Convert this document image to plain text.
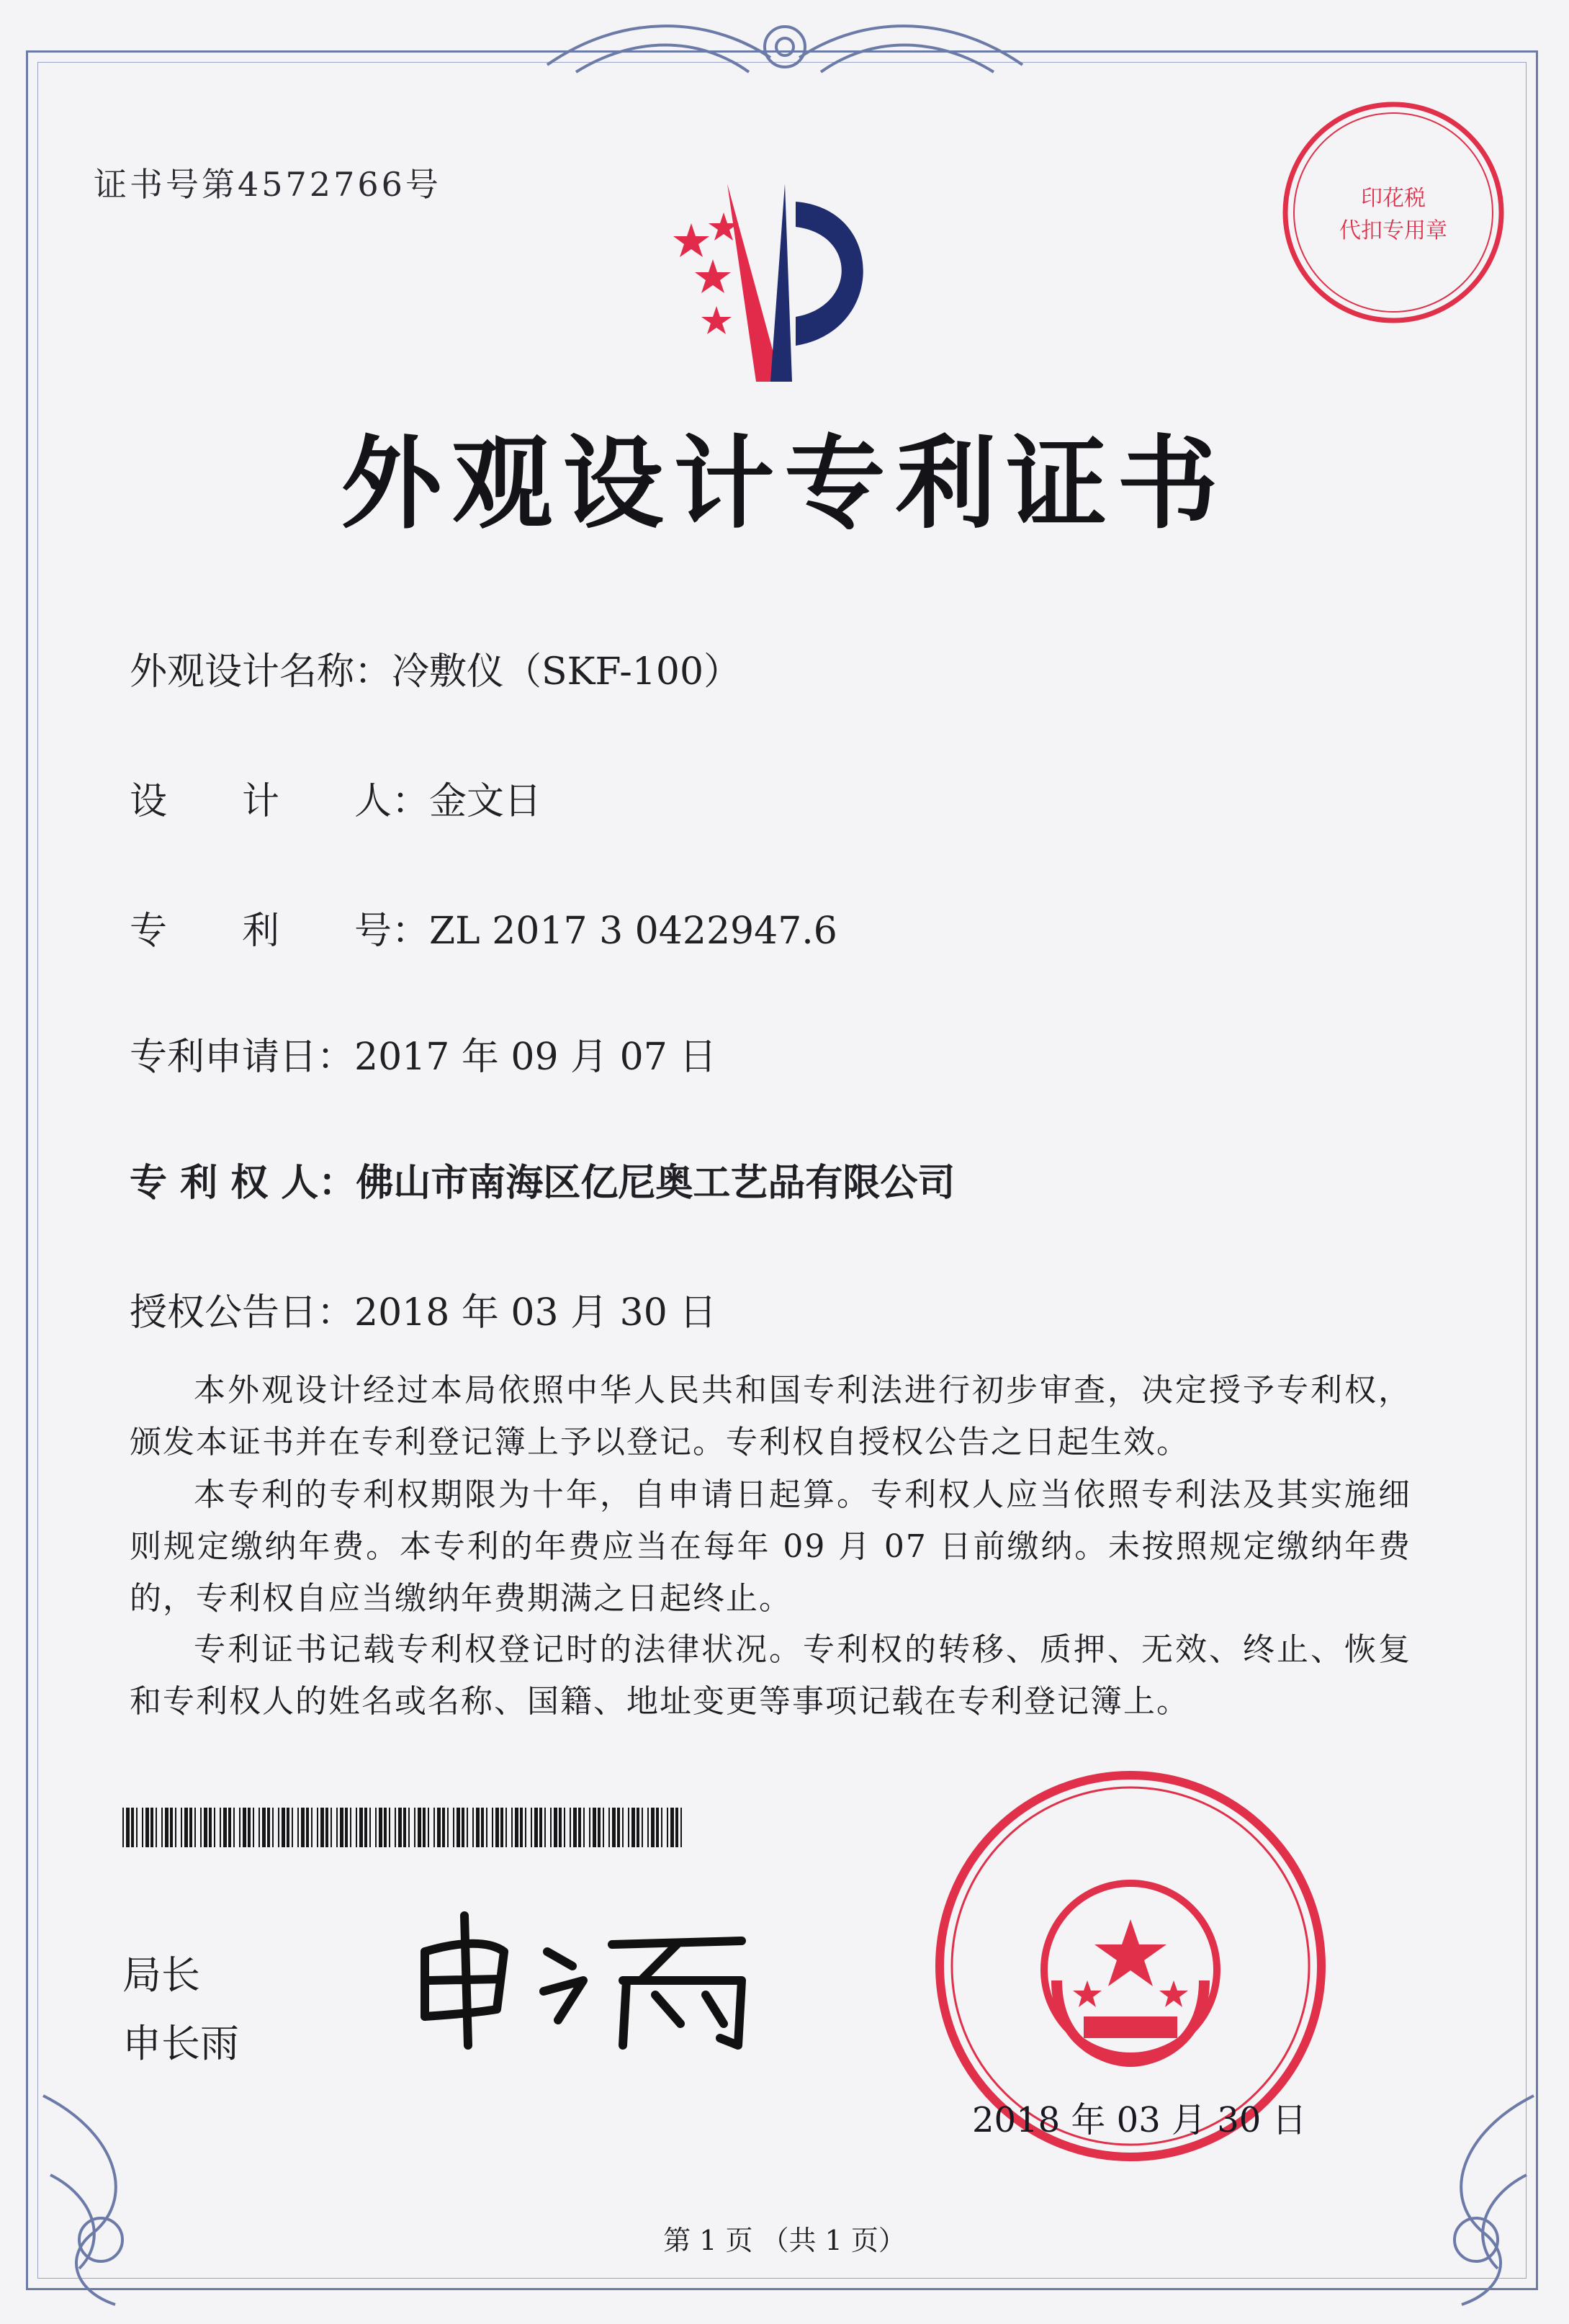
证书号第4572766号
外观设计专利证书
外观设计名称：冷敷仪（SKF-100）
设　　计　　人：金文日
专　　利　　号：ZL 2017 3 0422947.6
专利申请日：2017 年 09 月 07 日
专 利 权 人：佛山市南海区亿尼奥工艺品有限公司
授权公告日：2018 年 03 月 30 日
本外观设计经过本局依照中华人民共和国专利法进行初步审查，决定授予专利权，颁发本证书并在专利登记簿上予以登记。专利权自授权公告之日起生效。
本专利的专利权期限为十年，自申请日起算。专利权人应当依照专利法及其实施细则规定缴纳年费。本专利的年费应当在每年 09 月 07 日前缴纳。未按照规定缴纳年费的，专利权自应当缴纳年费期满之日起终止。
专利证书记载专利权登记时的法律状况。专利权的转移、质押、无效、终止、恢复和专利权人的姓名或名称、国籍、地址变更等事项记载在专利登记簿上。
局长
申长雨
2018 年 03 月 30 日
印花税
代扣专用章
第 1 页 （共 1 页）
